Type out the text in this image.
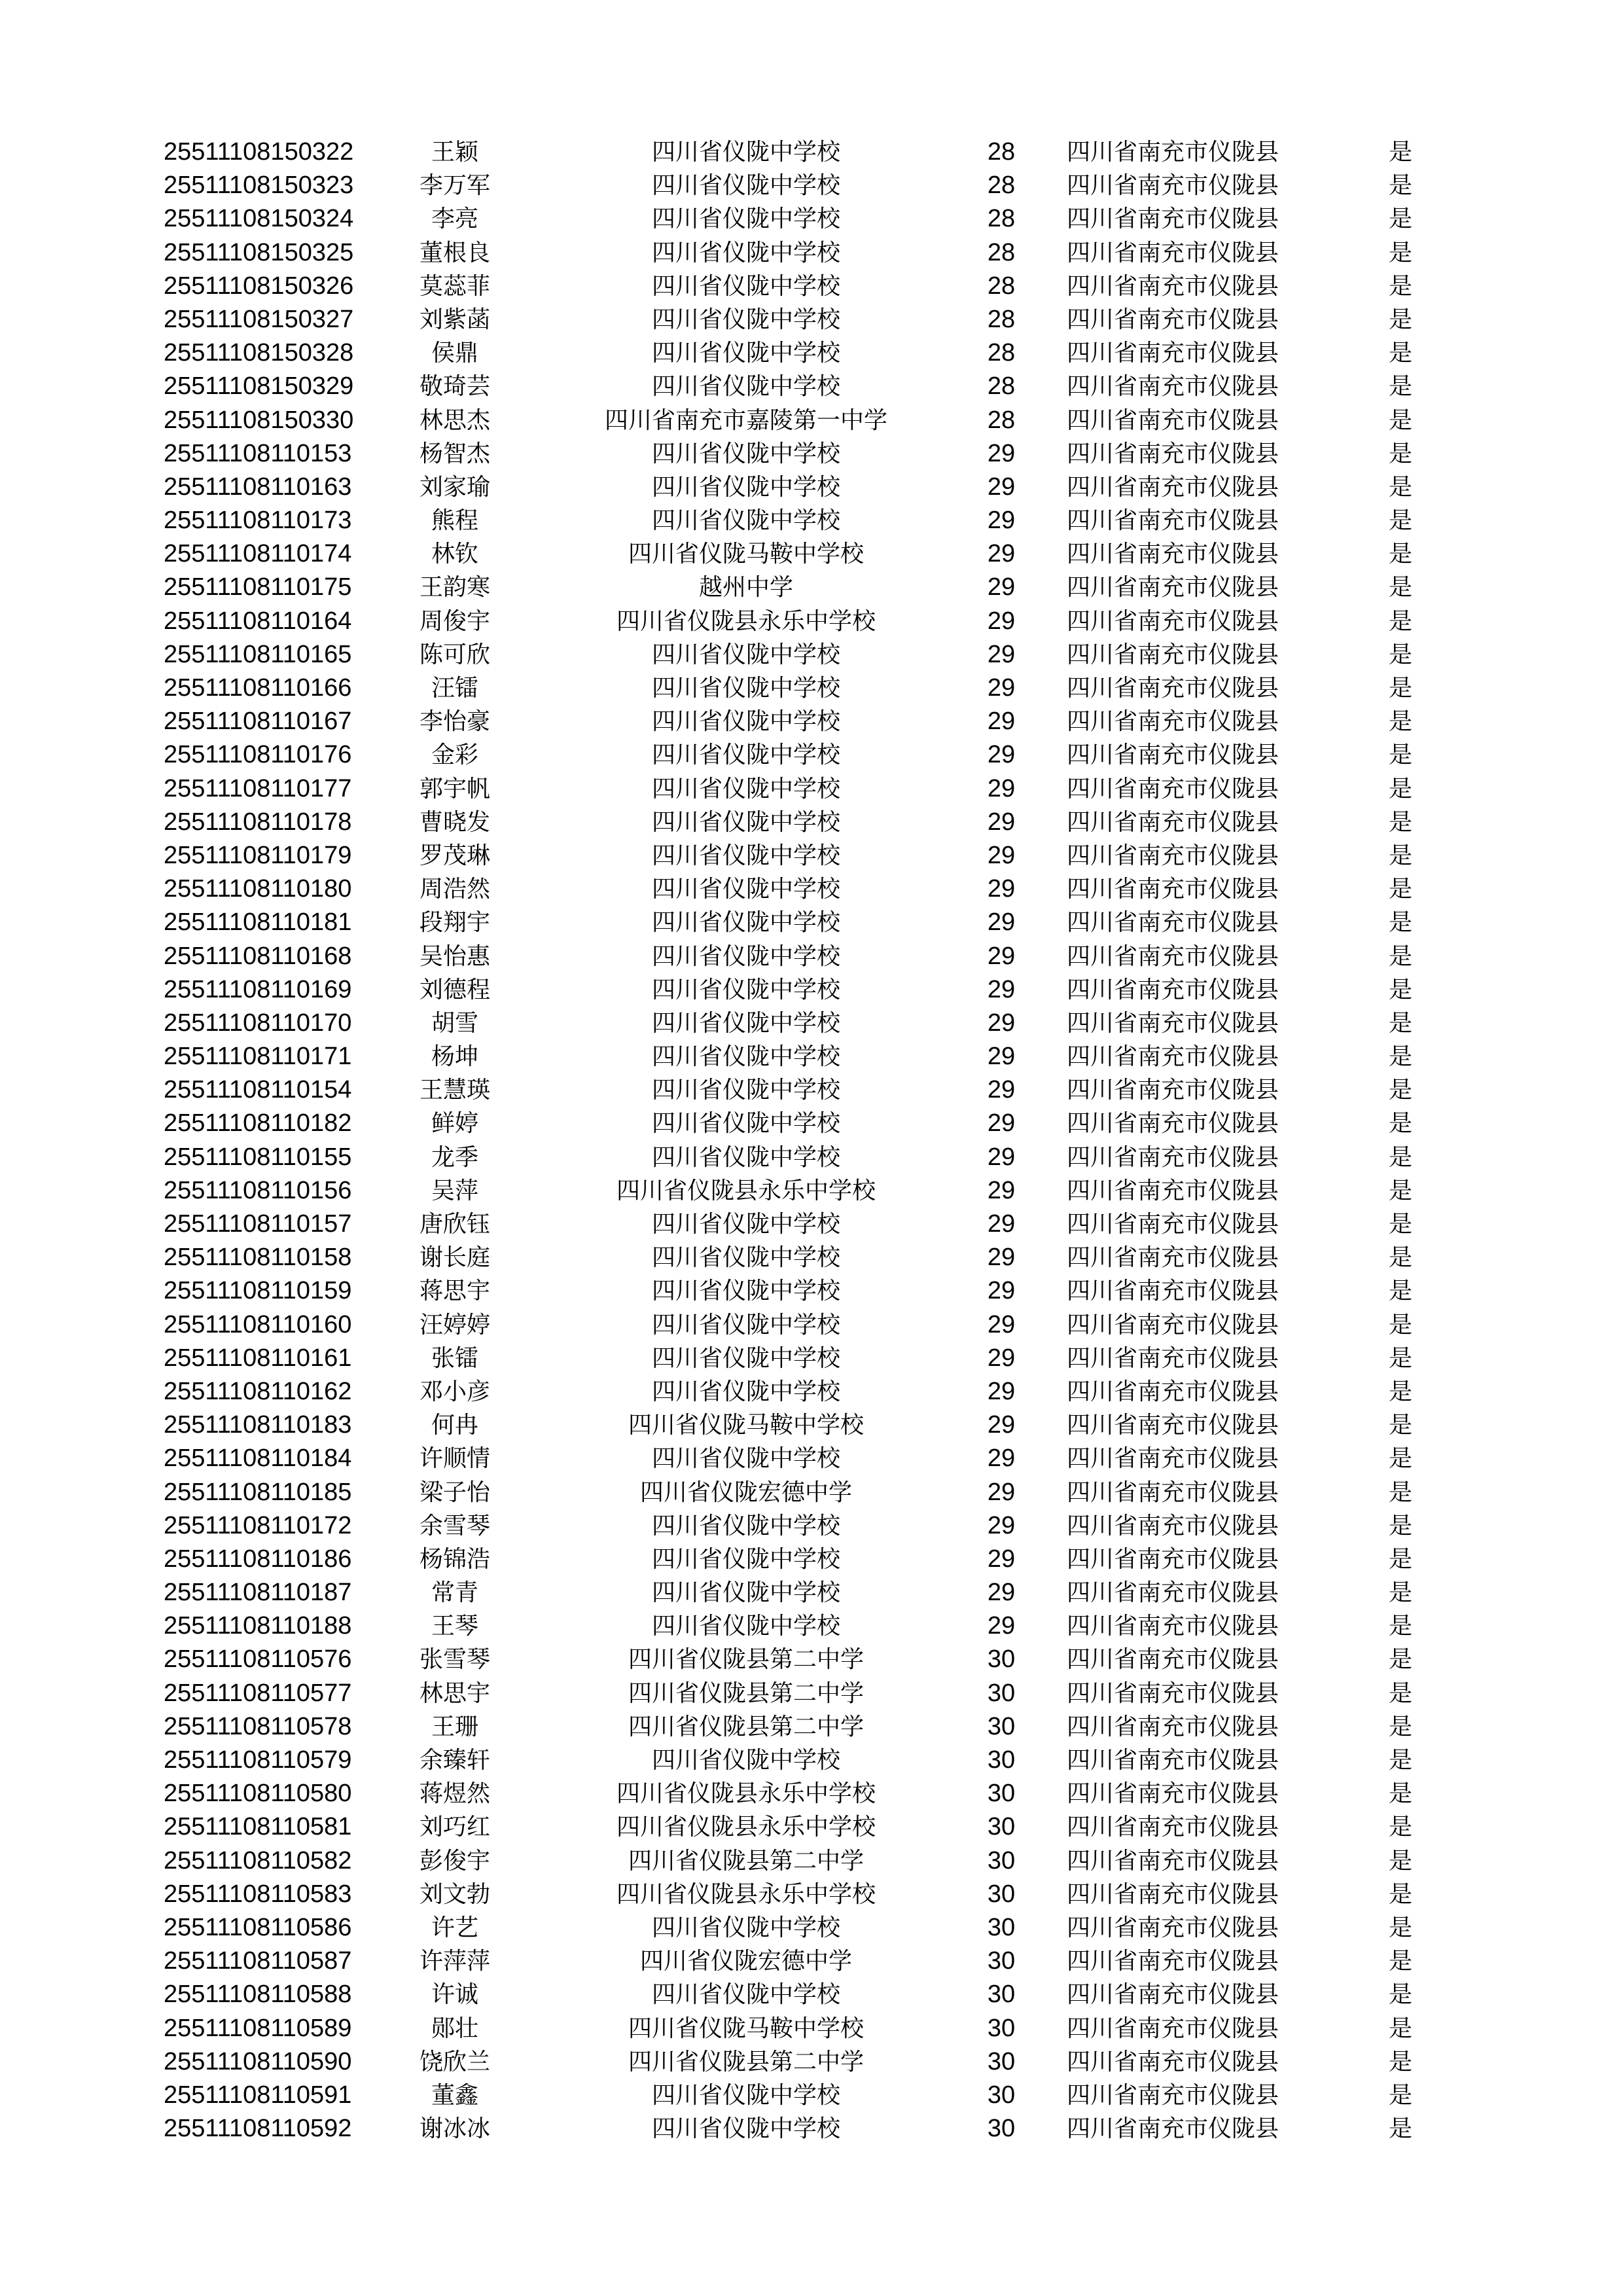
25511108150322	王颖	四川省仪陇中学校	28	四川省南充市仪陇县	是
25511108150323	李万军	四川省仪陇中学校	28	四川省南充市仪陇县	是
25511108150324	李亮	四川省仪陇中学校	28	四川省南充市仪陇县	是
25511108150325	董根良	四川省仪陇中学校	28	四川省南充市仪陇县	是
25511108150326	莫蕊菲	四川省仪陇中学校	28	四川省南充市仪陇县	是
25511108150327	刘紫菡	四川省仪陇中学校	28	四川省南充市仪陇县	是
25511108150328	侯鼎	四川省仪陇中学校	28	四川省南充市仪陇县	是
25511108150329	敬琦芸	四川省仪陇中学校	28	四川省南充市仪陇县	是
25511108150330	林思杰	四川省南充市嘉陵第一中学	28	四川省南充市仪陇县	是
25511108110153	杨智杰	四川省仪陇中学校	29	四川省南充市仪陇县	是
25511108110163	刘家瑜	四川省仪陇中学校	29	四川省南充市仪陇县	是
25511108110173	熊程	四川省仪陇中学校	29	四川省南充市仪陇县	是
25511108110174	林钦	四川省仪陇马鞍中学校	29	四川省南充市仪陇县	是
25511108110175	王韵寒	越州中学	29	四川省南充市仪陇县	是
25511108110164	周俊宇	四川省仪陇县永乐中学校	29	四川省南充市仪陇县	是
25511108110165	陈可欣	四川省仪陇中学校	29	四川省南充市仪陇县	是
25511108110166	汪镭	四川省仪陇中学校	29	四川省南充市仪陇县	是
25511108110167	李怡豪	四川省仪陇中学校	29	四川省南充市仪陇县	是
25511108110176	金彩	四川省仪陇中学校	29	四川省南充市仪陇县	是
25511108110177	郭宇帆	四川省仪陇中学校	29	四川省南充市仪陇县	是
25511108110178	曹晓发	四川省仪陇中学校	29	四川省南充市仪陇县	是
25511108110179	罗茂琳	四川省仪陇中学校	29	四川省南充市仪陇县	是
25511108110180	周浩然	四川省仪陇中学校	29	四川省南充市仪陇县	是
25511108110181	段翔宇	四川省仪陇中学校	29	四川省南充市仪陇县	是
25511108110168	吴怡惠	四川省仪陇中学校	29	四川省南充市仪陇县	是
25511108110169	刘德程	四川省仪陇中学校	29	四川省南充市仪陇县	是
25511108110170	胡雪	四川省仪陇中学校	29	四川省南充市仪陇县	是
25511108110171	杨坤	四川省仪陇中学校	29	四川省南充市仪陇县	是
25511108110154	王慧瑛	四川省仪陇中学校	29	四川省南充市仪陇县	是
25511108110182	鲜婷	四川省仪陇中学校	29	四川省南充市仪陇县	是
25511108110155	龙季	四川省仪陇中学校	29	四川省南充市仪陇县	是
25511108110156	吴萍	四川省仪陇县永乐中学校	29	四川省南充市仪陇县	是
25511108110157	唐欣钰	四川省仪陇中学校	29	四川省南充市仪陇县	是
25511108110158	谢长庭	四川省仪陇中学校	29	四川省南充市仪陇县	是
25511108110159	蒋思宇	四川省仪陇中学校	29	四川省南充市仪陇县	是
25511108110160	汪婷婷	四川省仪陇中学校	29	四川省南充市仪陇县	是
25511108110161	张镭	四川省仪陇中学校	29	四川省南充市仪陇县	是
25511108110162	邓小彦	四川省仪陇中学校	29	四川省南充市仪陇县	是
25511108110183	何冉	四川省仪陇马鞍中学校	29	四川省南充市仪陇县	是
25511108110184	许顺情	四川省仪陇中学校	29	四川省南充市仪陇县	是
25511108110185	梁子怡	四川省仪陇宏德中学	29	四川省南充市仪陇县	是
25511108110172	余雪琴	四川省仪陇中学校	29	四川省南充市仪陇县	是
25511108110186	杨锦浩	四川省仪陇中学校	29	四川省南充市仪陇县	是
25511108110187	常青	四川省仪陇中学校	29	四川省南充市仪陇县	是
25511108110188	王琴	四川省仪陇中学校	29	四川省南充市仪陇县	是
25511108110576	张雪琴	四川省仪陇县第二中学	30	四川省南充市仪陇县	是
25511108110577	林思宇	四川省仪陇县第二中学	30	四川省南充市仪陇县	是
25511108110578	王珊	四川省仪陇县第二中学	30	四川省南充市仪陇县	是
25511108110579	余臻轩	四川省仪陇中学校	30	四川省南充市仪陇县	是
25511108110580	蒋煜然	四川省仪陇县永乐中学校	30	四川省南充市仪陇县	是
25511108110581	刘巧红	四川省仪陇县永乐中学校	30	四川省南充市仪陇县	是
25511108110582	彭俊宇	四川省仪陇县第二中学	30	四川省南充市仪陇县	是
25511108110583	刘文勃	四川省仪陇县永乐中学校	30	四川省南充市仪陇县	是
25511108110586	许艺	四川省仪陇中学校	30	四川省南充市仪陇县	是
25511108110587	许萍萍	四川省仪陇宏德中学	30	四川省南充市仪陇县	是
25511108110588	许诚	四川省仪陇中学校	30	四川省南充市仪陇县	是
25511108110589	郧壮	四川省仪陇马鞍中学校	30	四川省南充市仪陇县	是
25511108110590	饶欣兰	四川省仪陇县第二中学	30	四川省南充市仪陇县	是
25511108110591	董鑫	四川省仪陇中学校	30	四川省南充市仪陇县	是
25511108110592	谢冰冰	四川省仪陇中学校	30	四川省南充市仪陇县	是
